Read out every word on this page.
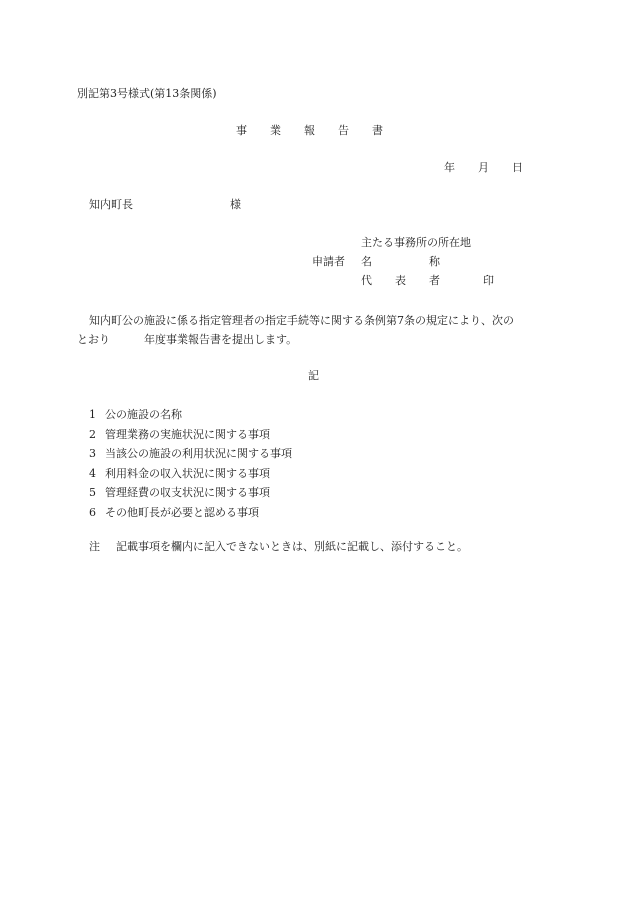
別記第3号様式(第13条関係)
事 業 報 告 書
年 月 日
知内町長	様
申請者
主たる事務所の所在地
名	称
代 表 者	印
知内町公の施設に係る指定管理者の指定手続等に関する条例第7条の規定により、次の
とおり	年度事業報告書を提出します。
記
1 公の施設の名称
2 管理業務の実施状況に関する事項
3 当該公の施設の利用状況に関する事項
4 利用料金の収入状況に関する事項
5 管理経費の収支状況に関する事項
6 その他町長が必要と認める事項
注 記載事項を欄内に記入できないときは、別紙に記載し、添付すること。
